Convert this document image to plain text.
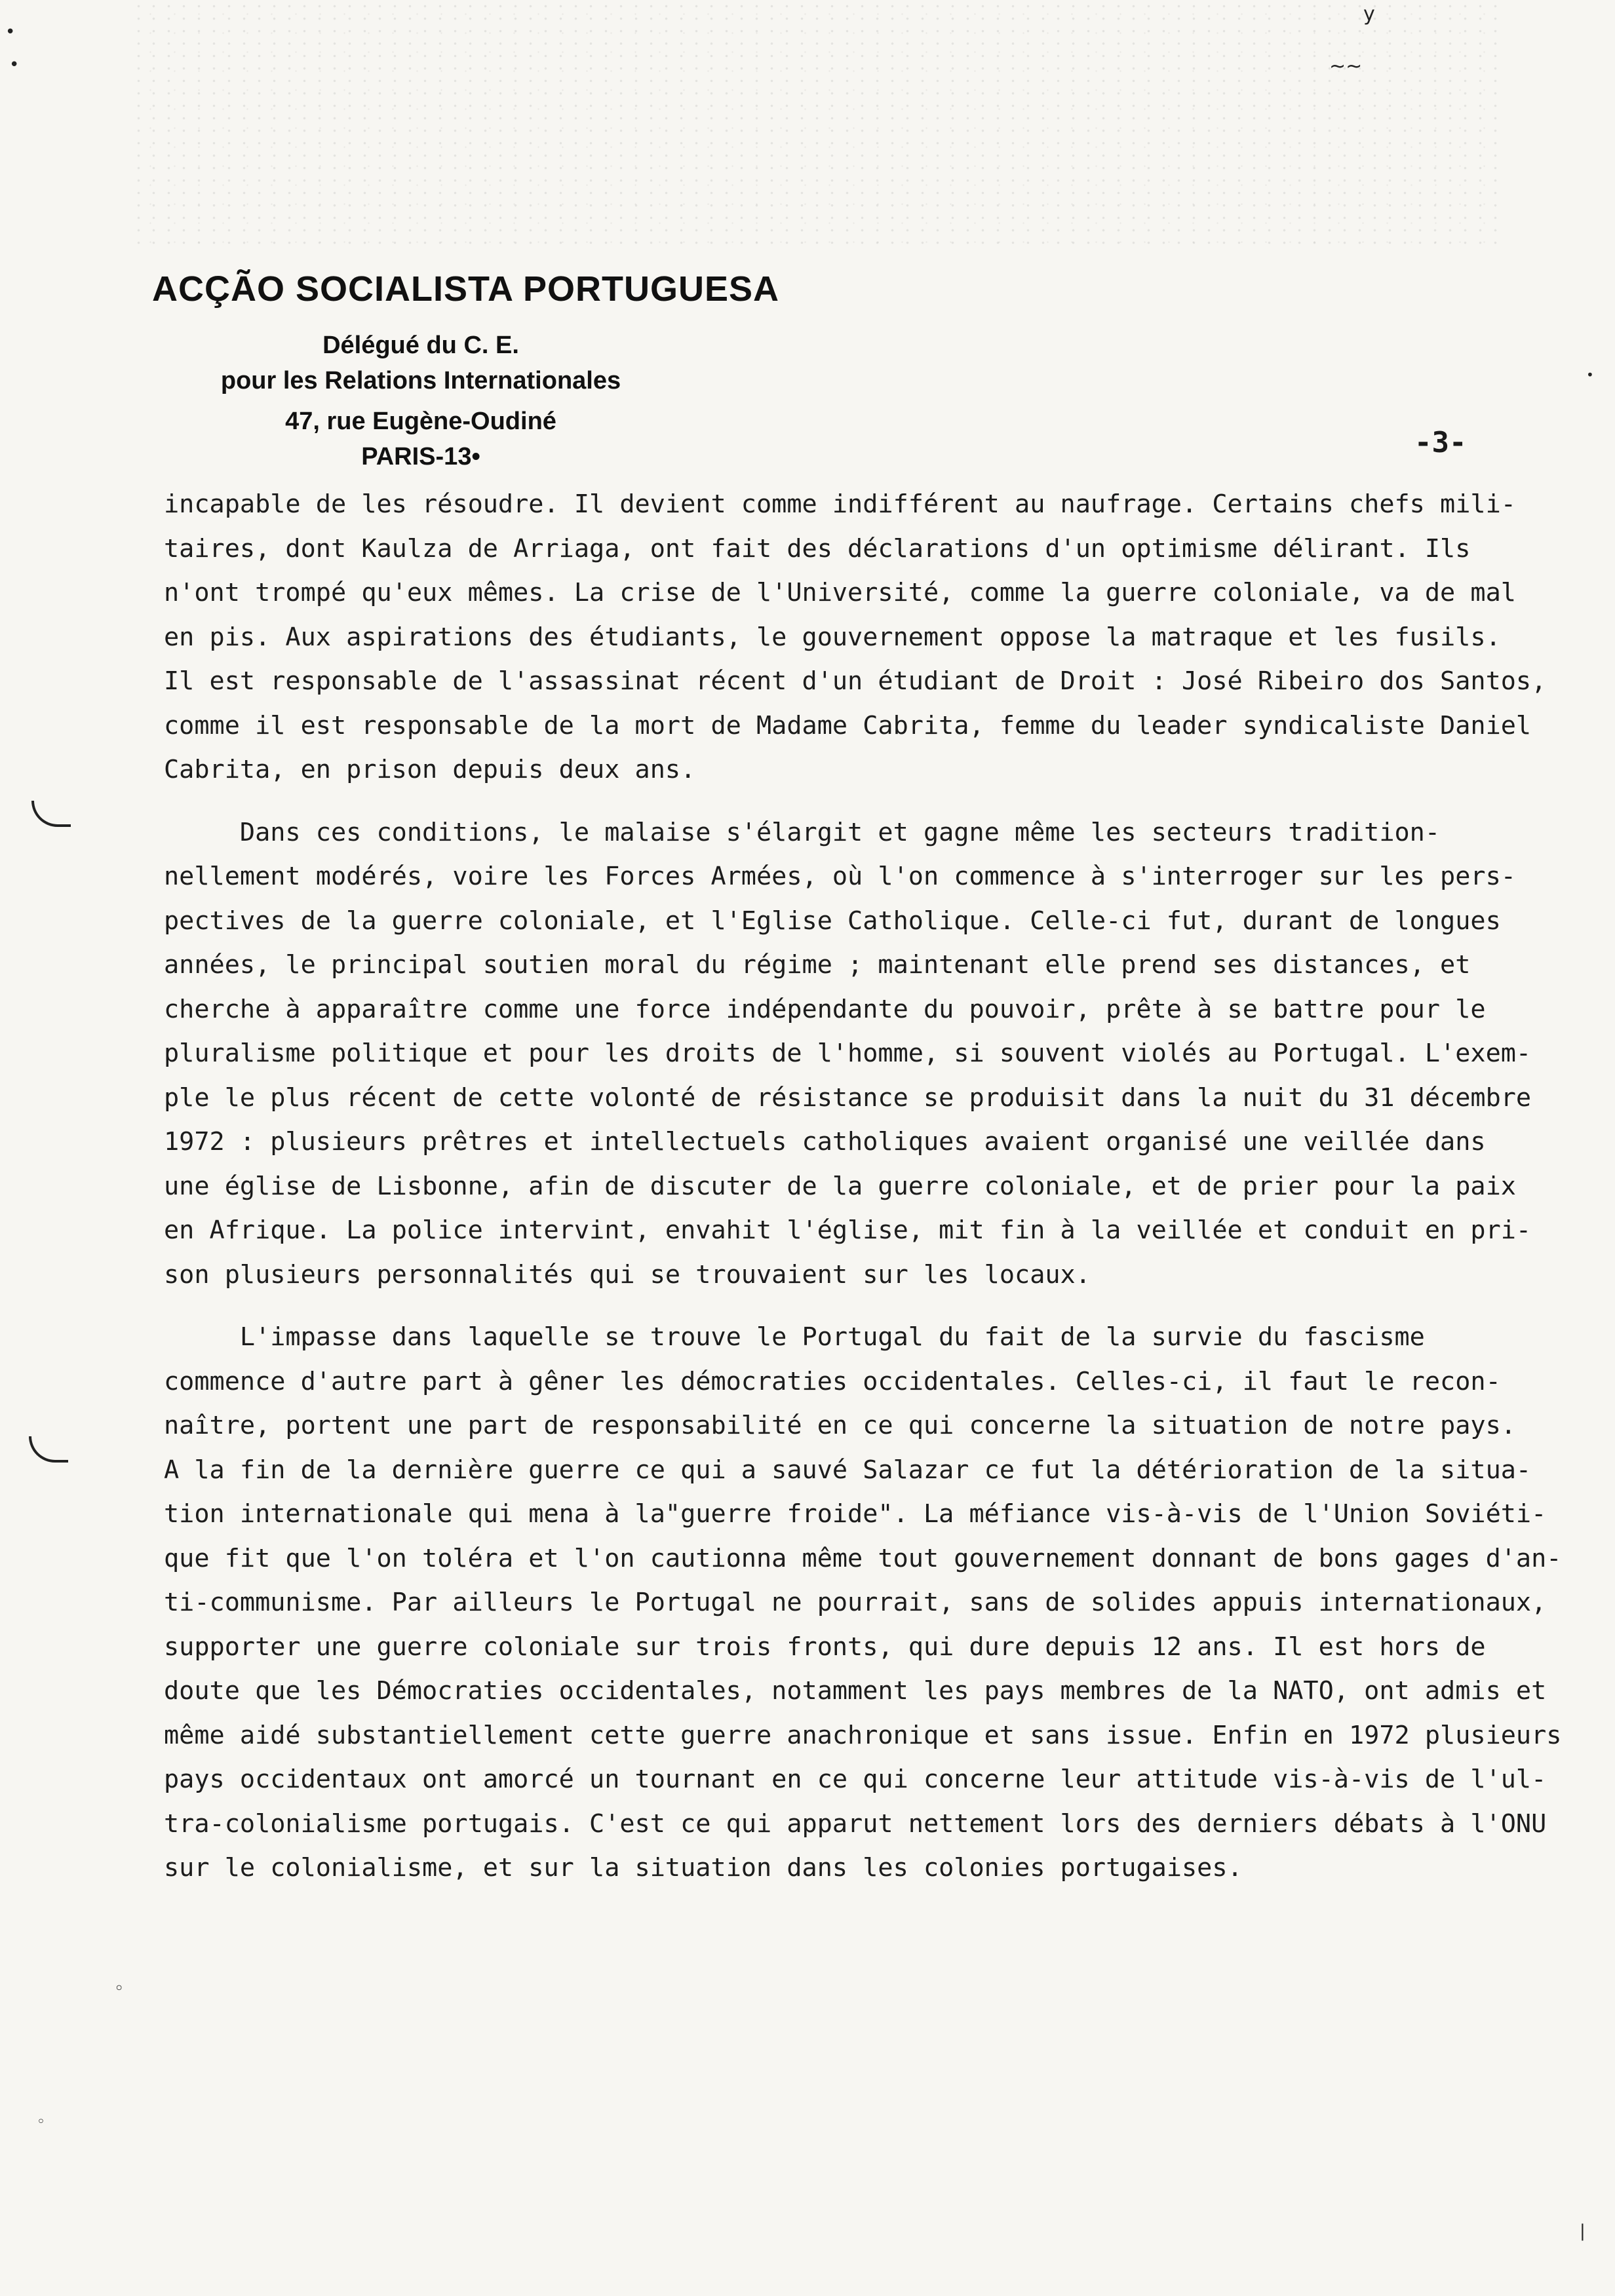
•
•
y
~~
•
◦
◦
|
ACÇÃO SOCIALISTA PORTUGUESA
Délégué du C. E.
pour les Relations Internationales
47, rue Eugène-Oudiné
PARIS-13•	-3-
incapable de les résoudre. Il devient comme indifférent au naufrage. Certains chefs mili-
taires, dont Kaulza de Arriaga, ont fait des déclarations d'un optimisme délirant. Ils
n'ont trompé qu'eux mêmes. La crise de l'Université, comme la guerre coloniale, va de mal
en pis. Aux aspirations des étudiants, le gouvernement oppose la matraque et les fusils.
Il est responsable de l'assassinat récent d'un étudiant de Droit : José Ribeiro dos Santos,
comme il est responsable de la mort de Madame Cabrita, femme du leader syndicaliste Daniel
Cabrita, en prison depuis deux ans.
Dans ces conditions, le malaise s'élargit et gagne même les secteurs tradition-
nellement modérés, voire les Forces Armées, où l'on commence à s'interroger sur les pers-
pectives de la guerre coloniale, et l'Eglise Catholique. Celle-ci fut, durant de longues
années, le principal soutien moral du régime ; maintenant elle prend ses distances, et
cherche à apparaître comme une force indépendante du pouvoir, prête à se battre pour le
pluralisme politique et pour les droits de l'homme, si souvent violés au Portugal. L'exem-
ple le plus récent de cette volonté de résistance se produisit dans la nuit du 31 décembre
1972 : plusieurs prêtres et intellectuels catholiques avaient organisé une veillée dans
une église de Lisbonne, afin de discuter de la guerre coloniale, et de prier pour la paix
en Afrique. La police intervint, envahit l'église, mit fin à la veillée et conduit en pri-
son plusieurs personnalités qui se trouvaient sur les locaux.
L'impasse dans laquelle se trouve le Portugal du fait de la survie du fascisme
commence d'autre part à gêner les démocraties occidentales. Celles-ci, il faut le recon-
naître, portent une part de responsabilité en ce qui concerne la situation de notre pays.
A la fin de la dernière guerre ce qui a sauvé Salazar ce fut la détérioration de la situa-
tion internationale qui mena à la"guerre froide". La méfiance vis-à-vis de l'Union Soviéti-
que fit que l'on toléra et l'on cautionna même tout gouvernement donnant de bons gages d'an-
ti-communisme. Par ailleurs le Portugal ne pourrait, sans de solides appuis internationaux,
supporter une guerre coloniale sur trois fronts, qui dure depuis 12 ans. Il est hors de
doute que les Démocraties occidentales, notamment les pays membres de la NATO, ont admis et
même aidé substantiellement cette guerre anachronique et sans issue. Enfin en 1972 plusieurs
pays occidentaux ont amorcé un tournant en ce qui concerne leur attitude vis-à-vis de l'ul-
tra-colonialisme portugais. C'est ce qui apparut nettement lors des derniers débats à l'ONU
sur le colonialisme, et sur la situation dans les colonies portugaises.
